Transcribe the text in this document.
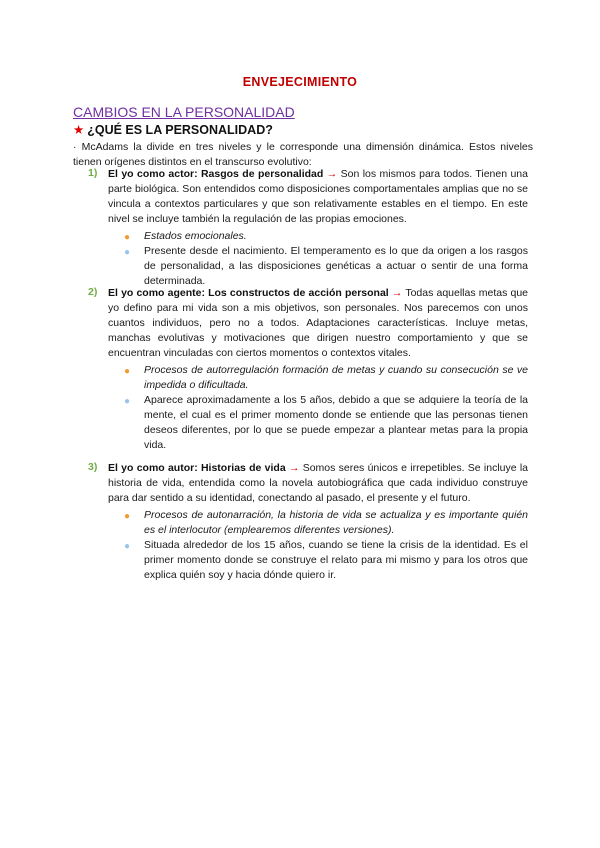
ENVEJECIMIENTO
CAMBIOS EN LA PERSONALIDAD
★ ¿QUÉ ES LA PERSONALIDAD?
· McAdams la divide en tres niveles y le corresponde una dimensión dinámica. Estos niveles tienen orígenes distintos en el transcurso evolutivo:
1) El yo como actor: Rasgos de personalidad → Son los mismos para todos. Tienen una parte biológica. Son entendidos como disposiciones comportamentales amplias que no se vincula a contextos particulares y que son relativamente estables en el tiempo. En este nivel se incluye también la regulación de las propias emociones.
● Estados emocionales.
● Presente desde el nacimiento. El temperamento es lo que da origen a los rasgos de personalidad, a las disposiciones genéticas a actuar o sentir de una forma determinada.
2) El yo como agente: Los constructos de acción personal → Todas aquellas metas que yo defino para mi vida son a mis objetivos, son personales. Nos parecemos con unos cuantos individuos, pero no a todos. Adaptaciones características. Incluye metas, manchas evolutivas y motivaciones que dirigen nuestro comportamiento y que se encuentran vinculadas con ciertos momentos o contextos vitales.
● Procesos de autorregulación formación de metas y cuando su consecución se ve impedida o dificultada.
● Aparece aproximadamente a los 5 años, debido a que se adquiere la teoría de la mente, el cual es el primer momento donde se entiende que las personas tienen deseos diferentes, por lo que se puede empezar a plantear metas para la propia vida.
3) El yo como autor: Historias de vida → Somos seres únicos e irrepetibles. Se incluye la historia de vida, entendida como la novela autobiográfica que cada individuo construye para dar sentido a su identidad, conectando al pasado, el presente y el futuro.
● Procesos de autonarración, la historia de vida se actualiza y es importante quién es el interlocutor (emplearemos diferentes versiones).
● Situada alrededor de los 15 años, cuando se tiene la crisis de la identidad. Es el primer momento donde se construye el relato para mi mismo y para los otros que explica quién soy y hacia dónde quiero ir.
